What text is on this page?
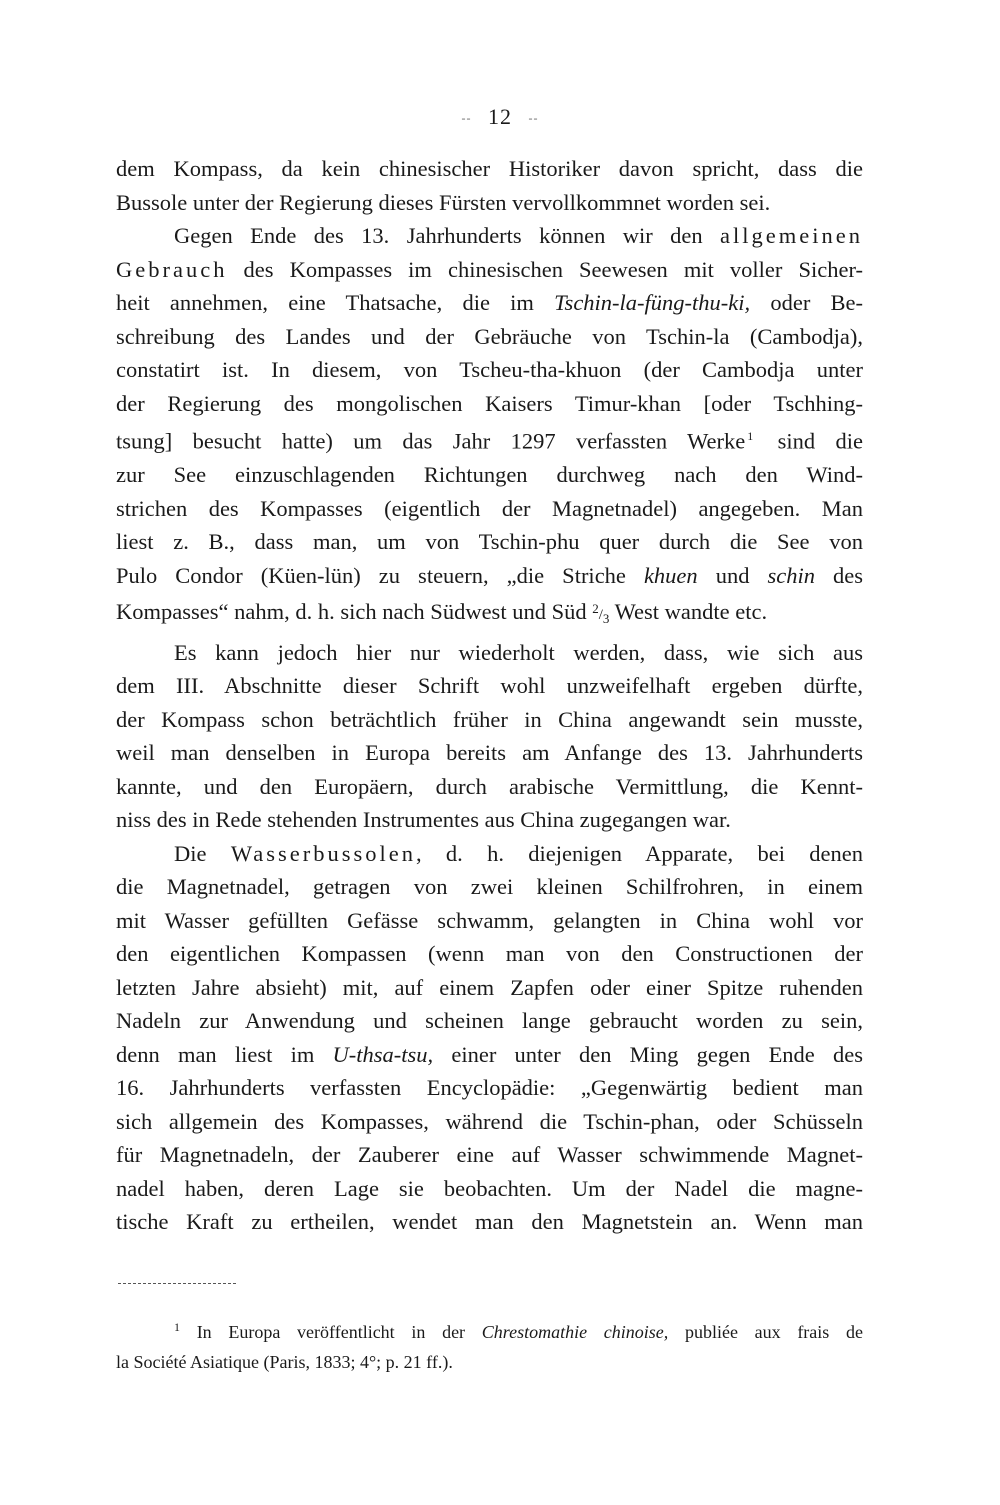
-- 12 --
dem Kompass, da kein chinesischer Historiker davon spricht, dass die
Bussole unter der Regierung dieses Fürsten vervollkommnet worden sei.
Gegen Ende des 13. Jahrhunderts können wir den allgemeinen
Gebrauch des Kompasses im chinesischen Seewesen mit voller Sicher-
heit annehmen, eine Thatsache, die im Tschin-la-füng-thu-ki, oder Be-
schreibung des Landes und der Gebräuche von Tschin-la (Cambodja),
constatirt ist. In diesem, von Tscheu-tha-khuon (der Cambodja unter
der Regierung des mongolischen Kaisers Timur-khan [oder Tschhing-
tsung] besucht hatte) um das Jahr 1297 verfassten Werke $^1$ sind die
zur See einzuschlagenden Richtungen durchweg nach den Wind-
strichen des Kompasses (eigentlich der Magnetnadel) angegeben. Man
liest z. B., dass man, um von Tschin-phu quer durch die See von
Pulo Condor (Küen-lün) zu steuern, „die Striche khuen und schin des
Kompasses“ nahm, d. h. sich nach Südwest und Süd $^2/_3$ West wandte etc.
Es kann jedoch hier nur wiederholt werden, dass, wie sich aus
dem III. Abschnitte dieser Schrift wohl unzweifelhaft ergeben dürfte,
der Kompass schon beträchtlich früher in China angewandt sein musste,
weil man denselben in Europa bereits am Anfange des 13. Jahrhunderts
kannte, und den Europäern, durch arabische Vermittlung, die Kennt-
niss des in Rede stehenden Instrumentes aus China zugegangen war.
Die Wasserbussolen, d. h. diejenigen Apparate, bei denen
die Magnetnadel, getragen von zwei kleinen Schilfrohren, in einem
mit Wasser gefüllten Gefässe schwamm, gelangten in China wohl vor
den eigentlichen Kompassen (wenn man von den Constructionen der
letzten Jahre absieht) mit, auf einem Zapfen oder einer Spitze ruhenden
Nadeln zur Anwendung und scheinen lange gebraucht worden zu sein,
denn man liest im U-thsa-tsu, einer unter den Ming gegen Ende des
16. Jahrhunderts verfassten Encyclopädie: „Gegenwärtig bedient man
sich allgemein des Kompasses, während die Tschin-phan, oder Schüsseln
für Magnetnadeln, der Zauberer eine auf Wasser schwimmende Magnet-
nadel haben, deren Lage sie beobachten. Um der Nadel die magne-
tische Kraft zu ertheilen, wendet man den Magnetstein an. Wenn man
$^1$ In Europa veröffentlicht in der Chrestomathie chinoise, publiée aux frais de
la Société Asiatique (Paris, 1833; 4°; p. 21 ff.).
